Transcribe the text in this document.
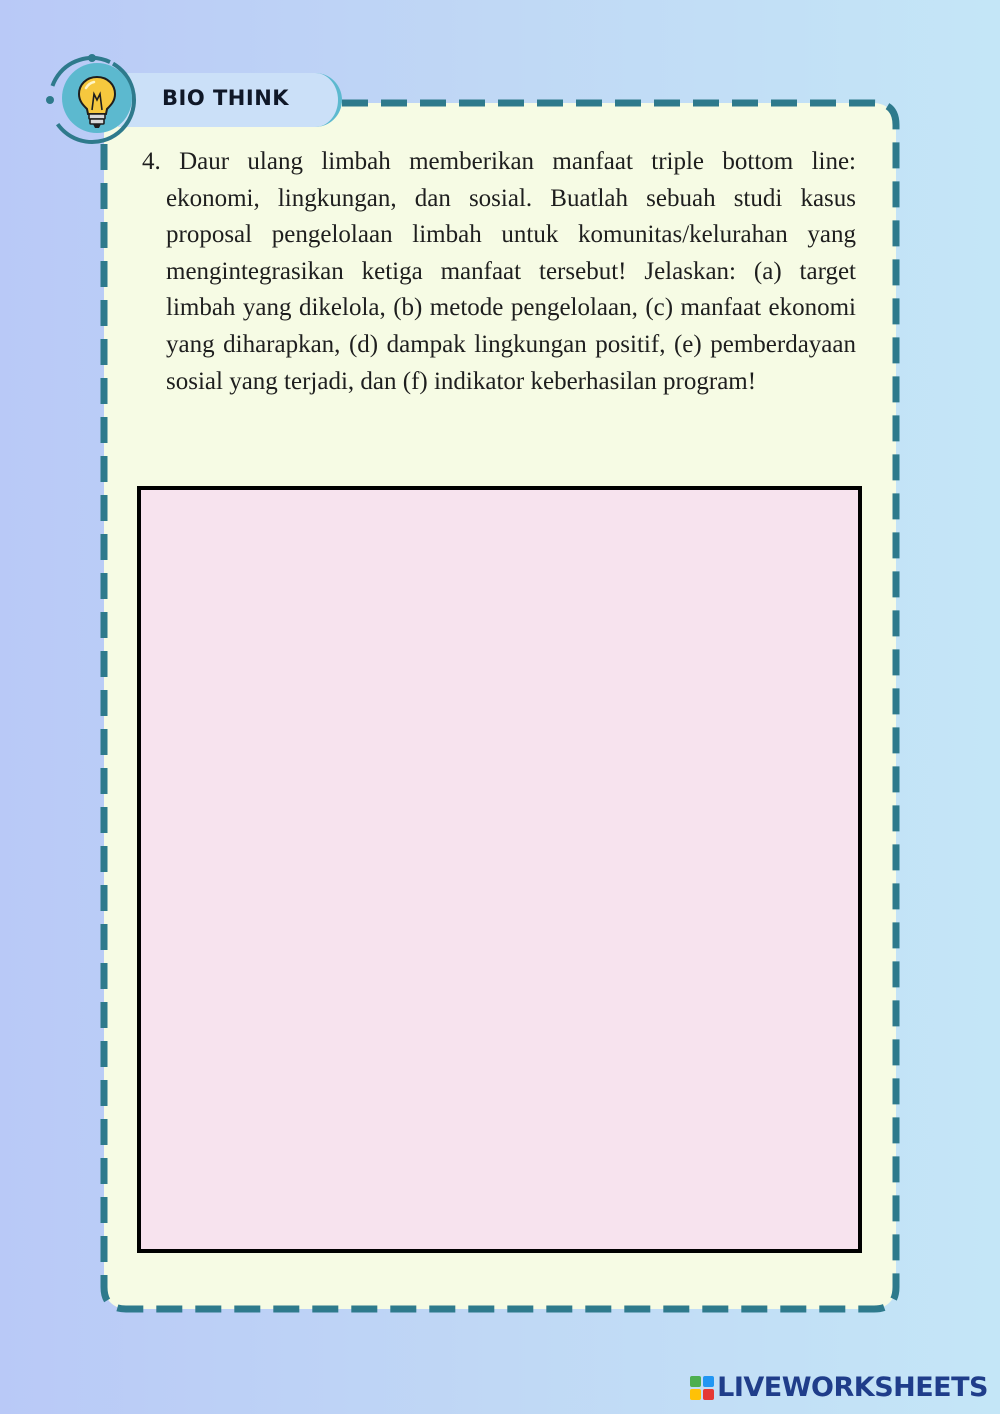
BIO THINK

4. Daur ulang limbah memberikan manfaat triple bottom line: ekonomi, lingkungan, dan sosial. Buatlah sebuah studi kasus proposal pengelolaan limbah untuk komunitas/kelurahan yang mengintegrasikan ketiga manfaat tersebut! Jelaskan: (a) target limbah yang dikelola, (b) metode pengelolaan, (c) manfaat ekonomi yang diharapkan, (d) dampak lingkungan positif, (e) pemberdayaan sosial yang terjadi, dan (f) indikator keberhasilan program!

LIVEWORKSHEETS
